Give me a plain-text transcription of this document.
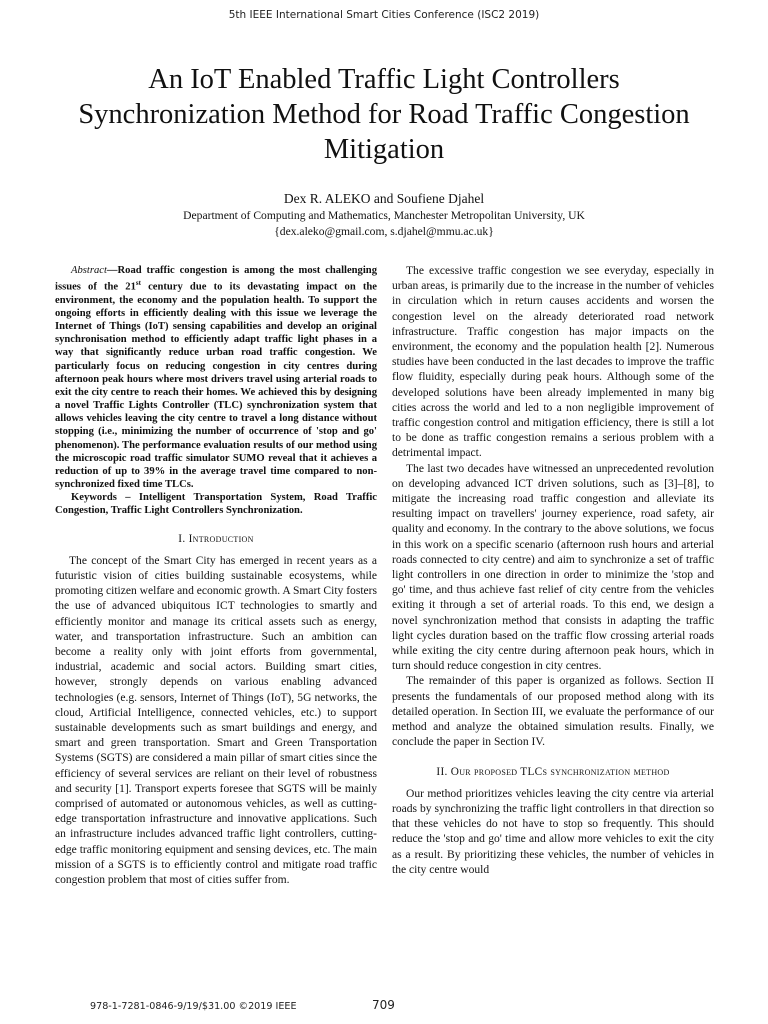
5th IEEE International Smart Cities Conference (ISC2 2019)
An IoT Enabled Traffic Light Controllers Synchronization Method for Road Traffic Congestion Mitigation
Dex R. ALEKO and Soufiene Djahel
Department of Computing and Mathematics, Manchester Metropolitan University, UK
{dex.aleko@gmail.com, s.djahel@mmu.ac.uk}

Abstract—Road traffic congestion is among the most challenging issues of the 21st century due to its devastating impact on the environment, the economy and the population health. To support the ongoing efforts in efficiently dealing with this issue we leverage the Internet of Things (IoT) sensing capabilities and develop an original synchronisation method to efficiently adapt traffic light phases in a way that significantly reduce urban road traffic congestion. We particularly focus on reducing congestion in city centres during afternoon peak hours where most drivers travel using arterial roads to exit the city centre to reach their homes. We achieved this by designing a novel Traffic Lights Controller (TLC) synchronization system that allows vehicles leaving the city centre to travel a long distance without stopping (i.e., minimizing the number of occurrence of 'stop and go' phenomenon). The performance evaluation results of our method using the microscopic road traffic simulator SUMO reveal that it achieves a reduction of up to 39% in the average travel time compared to non-synchronized fixed time TLCs.

Keywords – Intelligent Transportation System, Road Traffic Congestion, Traffic Light Controllers Synchronization.

I. Introduction

The concept of the Smart City has emerged in recent years as a futuristic vision of cities building sustainable ecosystems, while promoting citizen welfare and economic growth. A Smart City fosters the use of advanced ubiquitous ICT technologies to smartly and efficiently monitor and manage its critical assets such as energy, water, and transportation infrastructure. Such an ambition can become a reality only with joint efforts from governmental, industrial, academic and social actors. Building smart cities, however, strongly depends on various enabling advanced technologies (e.g. sensors, Internet of Things (IoT), 5G networks, the cloud, Artificial Intelligence, connected vehicles, etc.) to support sustainable developments such as smart buildings and energy, and smart and green transportation. Smart and Green Transportation Systems (SGTS) are considered a main pillar of smart cities since the efficiency of several services are reliant on their level of robustness and security [1]. Transport experts foresee that SGTS will be mainly comprised of automated or autonomous vehicles, as well as cutting-edge transportation infrastructure and innovative applications. Such an infrastructure includes advanced traffic light controllers, cutting-edge traffic monitoring equipment and sensing devices, etc. The main mission of a SGTS is to efficiently control and mitigate road traffic congestion problem that most of cities suffer from.

The excessive traffic congestion we see everyday, especially in urban areas, is primarily due to the increase in the number of vehicles in circulation which in return causes accidents and worsen the congestion level on the already deteriorated road network infrastructure. Traffic congestion has major impacts on the environment, the economy and the population health [2]. Numerous studies have been conducted in the last decades to improve the traffic flow fluidity, especially during peak hours. Although some of the developed solutions have been already implemented in many big cities across the world and led to a non negligible improvement of traffic congestion control and mitigation efficiency, there is still a lot to be done as traffic congestion remains a serious problem with a detrimental impact.

The last two decades have witnessed an unprecedented revolution on developing advanced ICT driven solutions, such as [3]–[8], to mitigate the increasing road traffic congestion and alleviate its resulting impact on travellers' journey experience, road safety, air quality and economy. In the contrary to the above solutions, we focus in this work on a specific scenario (afternoon rush hours and arterial roads connected to city centre) and aim to synchronize a set of traffic light controllers in one direction in order to minimize the 'stop and go' time, and thus achieve fast relief of city centre from the vehicles exiting it through a set of arterial roads. To this end, we design a novel synchronization method that consists in adapting the traffic light cycles duration based on the traffic flow crossing arterial roads while exiting the city centre during afternoon peak hours, which in turn should reduce congestion in city centres.

The remainder of this paper is organized as follows. Section II presents the fundamentals of our proposed method along with its detailed operation. In Section III, we evaluate the performance of our method and analyze the obtained simulation results. Finally, we conclude the paper in Section IV.

II. Our proposed TLCs synchronization method

Our method prioritizes vehicles leaving the city centre via arterial roads by synchronizing the traffic light controllers in that direction so that these vehicles do not have to stop so frequently. This should reduce the 'stop and go' time and allow more vehicles to exit the city as a result. By prioritizing these vehicles, the number of vehicles in the city centre would

978-1-7281-0846-9/19/$31.00 ©2019 IEEE	709
